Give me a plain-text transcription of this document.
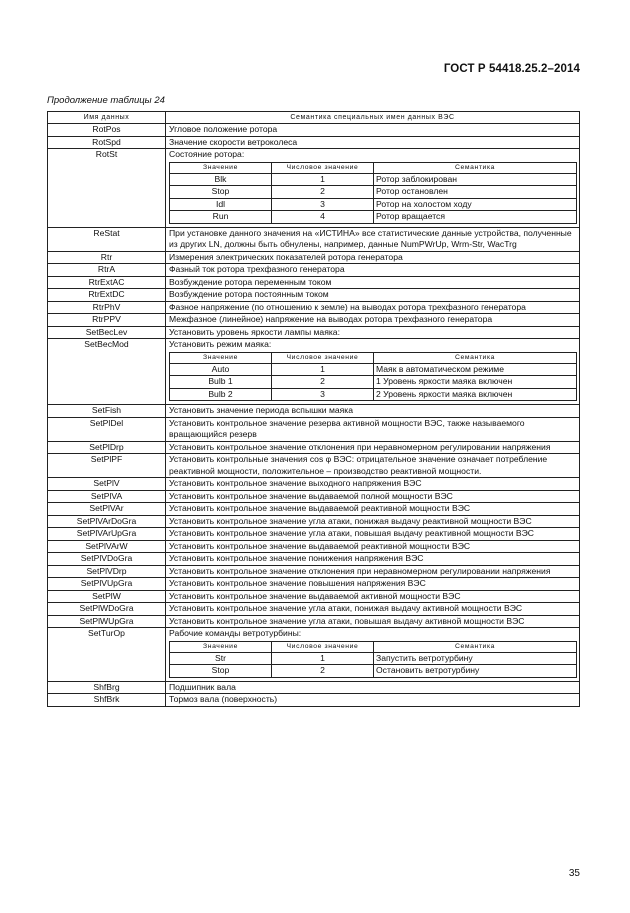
ГОСТ Р 54418.25.2–2014
Продолжение таблицы 24
Имя данных	Семантика специальных имен данных ВЭС
RotPos	Угловое положение ротора
RotSpd	Значение скорости ветроколеса
RotSt	Состояние ротора:
Значение	Числовое значение	Семантика
Blk	1	Ротор заблокирован
Stop	2	Ротор остановлен
Idl	3	Ротор на холостом ходу
Run	4	Ротор вращается

ReStat	При установке данного значения на «ИСТИНА» все статистические данные устройства, полученные из других LN, должны быть обнулены, например, данные NumPWrUp, Wrm-Str, WacTrg
Rtr	Измерения электрических показателей ротора генератора
RtrA	Фазный ток ротора трехфазного генератора
RtrExtAC	Возбуждение ротора переменным током
RtrExtDC	Возбуждение ротора постоянным током
RtrPhV	Фазное напряжение (по отношению к земле) на выводах ротора трехфазного генератора
RtrPPV	Межфазное (линейное) напряжение на выводах ротора трехфазного генератора
SetBecLev	Установить уровень яркости лампы маяка:
SetBecMod	Установить режим маяка:
Значение	Числовое значение	Семантика
Auto	1	Маяк в автоматическом режиме
Bulb 1	2	1 Уровень яркости маяка включен
Bulb 2	3	2 Уровень яркости маяка включен

SetFish	Установить значение периода вспышки маяка
SetPlDel	Установить контрольное значение резерва активной мощности ВЭС, также называемого вращающийся резерв
SetPlDrp	Установить контрольное значение отклонения при неравномерном регулировании напряжения
SetPlPF	Установить контрольные значения cos φ ВЭС: отрицательное значение означает потребление реактивной мощности, положительное – производство реактивной мощности.
SetPlV	Установить контрольное значение выходного напряжения ВЭС
SetPlVA	Установить контрольное значение выдаваемой полной мощности ВЭС
SetPlVAr	Установить контрольное значение выдаваемой реактивной мощности ВЭС
SetPlVArDoGra	Установить контрольное значение угла атаки, понижая выдачу реактивной мощности ВЭС
SetPlVArUpGra	Установить контрольное значение угла атаки, повышая выдачу реактивной мощности ВЭС
SetPlVArW	Установить контрольное значение выдаваемой реактивной мощности ВЭС
SetPlVDoGra	Установить контрольное значение понижения напряжения ВЭС
SetPlVDrp	Установить контрольное значение отклонения при неравномерном регулировании напряжения
SetPlVUpGra	Установить контрольное значение повышения напряжения ВЭС
SetPlW	Установить контрольное значение выдаваемой активной мощности ВЭС
SetPlWDoGra	Установить контрольное значение угла атаки, понижая выдачу активной мощности ВЭС
SetPlWUpGra	Установить контрольное значение угла атаки, повышая выдачу активной мощности ВЭС
SetTurOp	Рабочие команды ветротурбины:
Значение	Числовое значение	Семантика
Str	1	Запустить ветротурбину
Stop	2	Остановить ветротурбину

ShfBrg	Подшипник вала
ShfBrk	Тормоз вала (поверхность)
35
